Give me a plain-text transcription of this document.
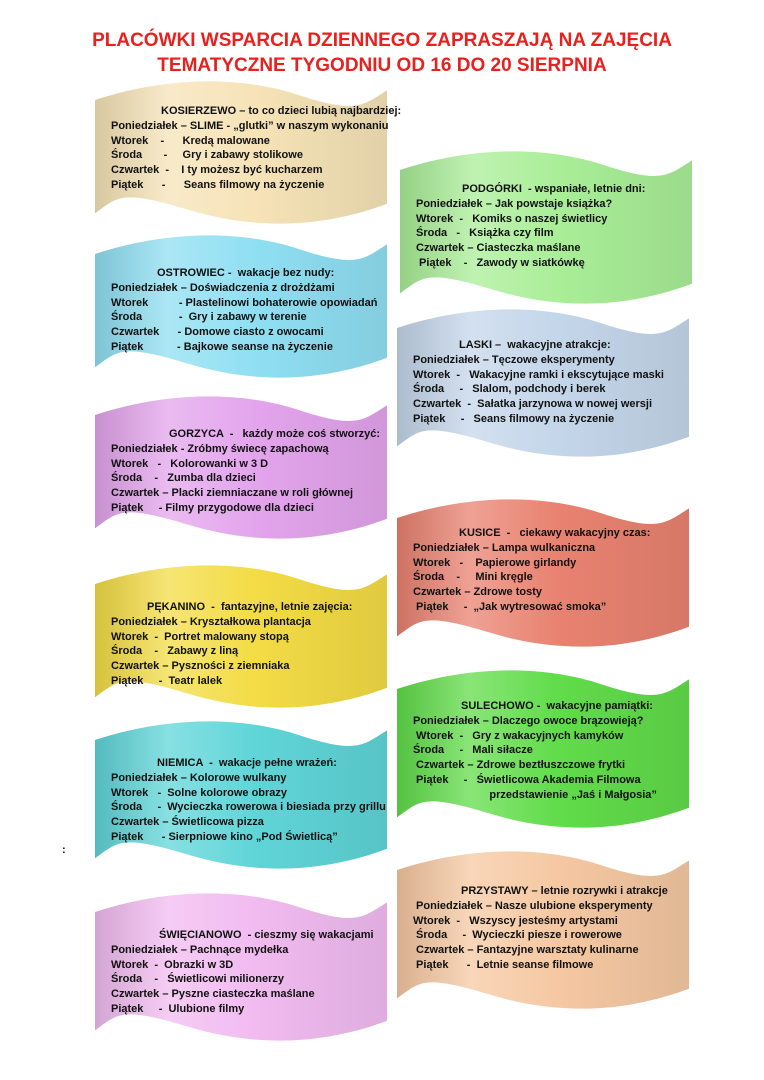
PLACÓWKI WSPARCIA DZIENNEGO ZAPRASZAJĄ NA ZAJĘCIA
TEMATYCZNE TYGODNIU OD 16 DO 20 SIERPNIA
KOSIERZEWO – to co dzieci lubią najbardziej:
Poniedziałek – SLIME - „glutki” w naszym wykonaniu
Wtorek    -      Kredą malowane
Środa       -     Gry i zabawy stolikowe
Czwartek  -    I ty możesz być kucharzem
Piątek      -      Seans filmowy na życzenie
OSTROWIEC -  wakacje bez nudy:
Poniedziałek – Doświadczenia z drożdżami
Wtorek          - Plastelinowi bohaterowie opowiadań
Środa            -  Gry i zabawy w terenie
Czwartek      - Domowe ciasto z owocami
Piątek           - Bajkowe seanse na życzenie
GORZYCA  -   każdy może coś stworzyć:
Poniedziałek - Zróbmy świecę zapachową
Wtorek   -   Kolorowanki w 3 D
Środa    -   Zumba dla dzieci
Czwartek – Placki ziemniaczane w roli głównej
Piątek     - Filmy przygodowe dla dzieci
PĘKANINO  -  fantazyjne, letnie zajęcia:
Poniedziałek – Kryształkowa plantacja
Wtorek  -  Portret malowany stopą
Środa    -   Zabawy z liną
Czwartek – Pyszności z ziemniaka
Piątek     -  Teatr lalek
NIEMICA  -  wakacje pełne wrażeń:
Poniedziałek – Kolorowe wulkany
Wtorek   -  Solne kolorowe obrazy
Środa     -  Wycieczka rowerowa i biesiada przy grillu
Czwartek – Świetlicowa pizza
Piątek      - Sierpniowe kino „Pod Świetlicą”
ŚWIĘCIANOWO  - cieszmy się wakacjami
Poniedziałek – Pachnące mydełka
Wtorek  -  Obrazki w 3D
Środa    -   Świetlicowi milionerzy
Czwartek – Pyszne ciasteczka maślane
Piątek     -  Ulubione filmy
PODGÓRKI  - wspaniałe, letnie dni:
Poniedziałek – Jak powstaje książka?
Wtorek  -   Komiks o naszej świetlicy
Środa   -   Książka czy film
Czwartek – Ciasteczka maślane
Piątek    -   Zawody w siatkówkę
LASKI –  wakacyjne atrakcje:
Poniedziałek – Tęczowe eksperymenty
Wtorek  -   Wakacyjne ramki i ekscytujące maski
Środa     -   Slalom, podchody i berek
Czwartek  -  Sałatka jarzynowa w nowej wersji
Piątek     -   Seans filmowy na życzenie
KUSICE  -   ciekawy wakacyjny czas:
Poniedziałek – Lampa wulkaniczna
Wtorek   -    Papierowe girlandy
Środa    -     Mini kręgle
Czwartek – Zdrowe tosty
Piątek     -  „Jak wytresować smoka”
SULECHOWO -  wakacyjne pamiątki:
Poniedziałek – Dlaczego owoce brązowieją?
Wtorek  -   Gry z wakacyjnych kamyków
Środa     -   Mali siłacze
Czwartek – Zdrowe beztłuszczowe frytki
Piątek     -   Świetlicowa Akademia Filmowa
przedstawienie „Jaś i Małgosia”
PRZYSTAWY – letnie rozrywki i atrakcje
Poniedziałek – Nasze ulubione eksperymenty
Wtorek  -   Wszyscy jesteśmy artystami
Środa     -  Wycieczki piesze i rowerowe
Czwartek – Fantazyjne warsztaty kulinarne
Piątek      -  Letnie seanse filmowe
:
